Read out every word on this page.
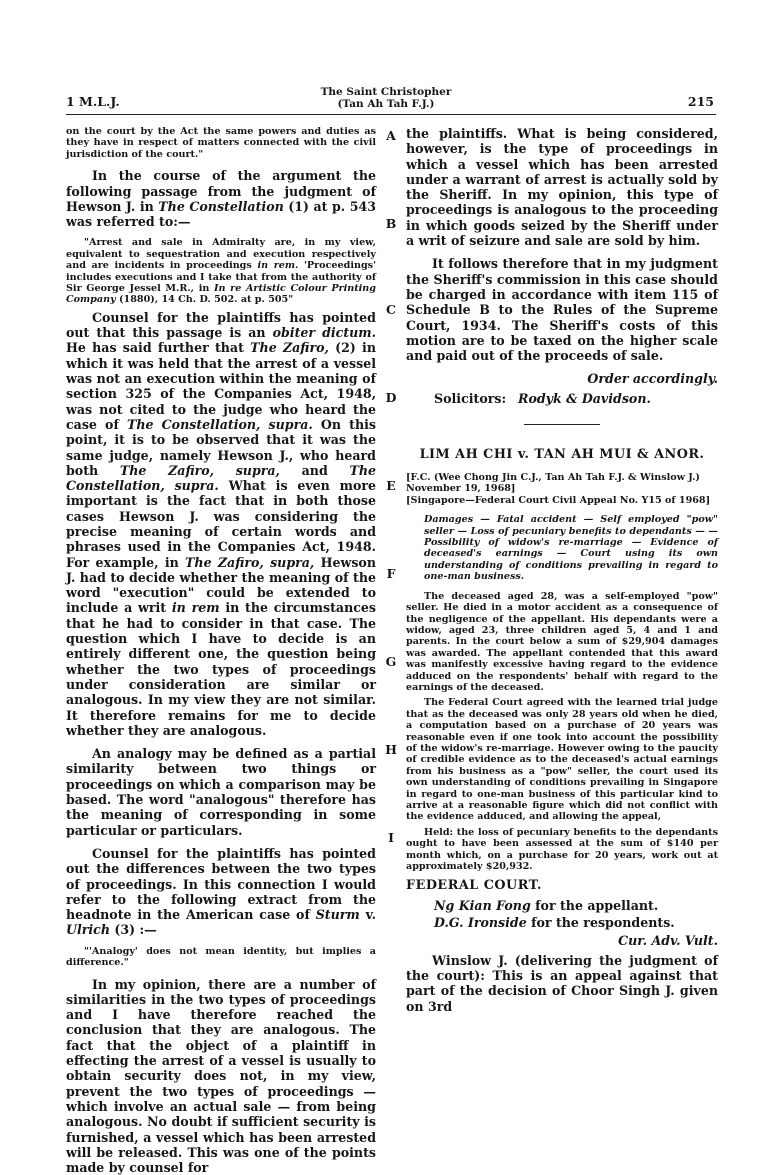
1 M.L.J.
The Saint Christopher
(Tan Ah Tah F.J.)	215
A
B
C
D
E
F
G
H
I

on the court by the Act the same powers and duties as they have in respect of matters connected with the civil jurisdiction of the court."

In the course of the argument the following passage from the judgment of Hewson J. in The Constellation (1) at p. 543 was referred to:—

"Arrest and sale in Admiralty are, in my view, equivalent to sequestration and execution respectively and are incidents in proceedings in rem. 'Proceedings' includes executions and I take that from the authority of Sir George Jessel M.R., in In re Artistic Colour Printing Company (1880), 14 Ch. D. 502. at p. 505"

Counsel for the plaintiffs has pointed out that this passage is an obiter dictum. He has said further that The Zafiro, (2) in which it was held that the arrest of a vessel was not an execution within the meaning of section 325 of the Companies Act, 1948, was not cited to the judge who heard the case of The Constellation, supra. On this point, it is to be observed that it was the same judge, namely Hewson J., who heard both The Zafiro, supra, and The Constellation, supra. What is even more important is the fact that in both those cases Hewson J. was considering the precise meaning of certain words and phrases used in the Companies Act, 1948. For example, in The Zafiro, supra, Hewson J. had to decide whether the meaning of the word "execution" could be extended to include a writ in rem in the circumstances that he had to consider in that case. The question which I have to decide is an entirely different one, the question being whether the two types of proceedings under consideration are similar or analogous. In my view they are not similar. It therefore remains for me to decide whether they are analogous.

An analogy may be defined as a partial similarity between two things or proceedings on which a comparison may be based. The word "analogous" therefore has the meaning of corresponding in some particular or particulars.

Counsel for the plaintiffs has pointed out the differences between the two types of proceedings. In this connection I would refer to the following extract from the headnote in the American case of Sturm v. Ulrich (3) :—

"'Analogy' does not mean identity, but implies a difference."

In my opinion, there are a number of similarities in the two types of proceedings and I have therefore reached the conclusion that they are analogous. The fact that the object of a plaintiff in effecting the arrest of a vessel is usually to obtain security does not, in my view, prevent the two types of proceedings — which involve an actual sale — from being analogous. No doubt if sufficient security is furnished, a vessel which has been arrested will be released. This was one of the points made by counsel for

the plaintiffs. What is being considered, however, is the type of proceedings in which a vessel which has been arrested under a warrant of arrest is actually sold by the Sheriff. In my opinion, this type of proceedings is analogous to the proceeding in which goods seized by the Sheriff under a writ of seizure and sale are sold by him.

It follows therefore that in my judgment the Sheriff's commission in this case should be charged in accordance with item 115 of Schedule B to the Rules of the Supreme Court, 1934. The Sheriff's costs of this motion are to be taxed on the higher scale and paid out of the proceeds of sale.

Order accordingly.

Solicitors: Rodyk & Davidson.
LIM AH CHI v. TAN AH MUI & ANOR.

[F.C. (Wee Chong Jin C.J., Tan Ah Tah F.J. & Winslow J.) November 19, 1968]

[Singapore—Federal Court Civil Appeal No. Y15 of 1968]

Damages — Fatal accident — Self employed "pow" seller — Loss of pecuniary benefits to dependants — — Possibility of widow's re-marriage — Evidence of deceased's earnings — Court using its own understanding of conditions prevailing in regard to one-man business.

The deceased aged 28, was a self-employed "pow" seller. He died in a motor accident as a consequence of the negligence of the appellant. His dependants were a widow, aged 23, three children aged 5, 4 and 1 and parents. In the court below a sum of $29,904 damages was awarded. The appellant contended that this award was manifestly excessive having regard to the evidence adduced on the respondents' behalf with regard to the earnings of the deceased.

The Federal Court agreed with the learned trial judge that as the deceased was only 28 years old when he died, a computation based on a purchase of 20 years was reasonable even if one took into account the possibility of the widow's re-marriage. However owing to the paucity of credible evidence as to the deceased's actual earnings from his business as a "pow" seller, the court used its own understanding of conditions prevailing in Singapore in regard to one-man business of this particular kind to arrive at a reasonable figure which did not conflict with the evidence adduced, and allowing the appeal,

Held: the loss of pecuniary benefits to the dependants ought to have been assessed at the sum of $140 per month which, on a purchase for 20 years, work out at approximately $20,932.

FEDERAL COURT.
Ng Kian Fong for the appellant.
D.G. Ironside for the respondents.

Cur. Adv. Vult.

Winslow J. (delivering the judgment of the court): This is an appeal against that part of the decision of Choor Singh J. given on 3rd
